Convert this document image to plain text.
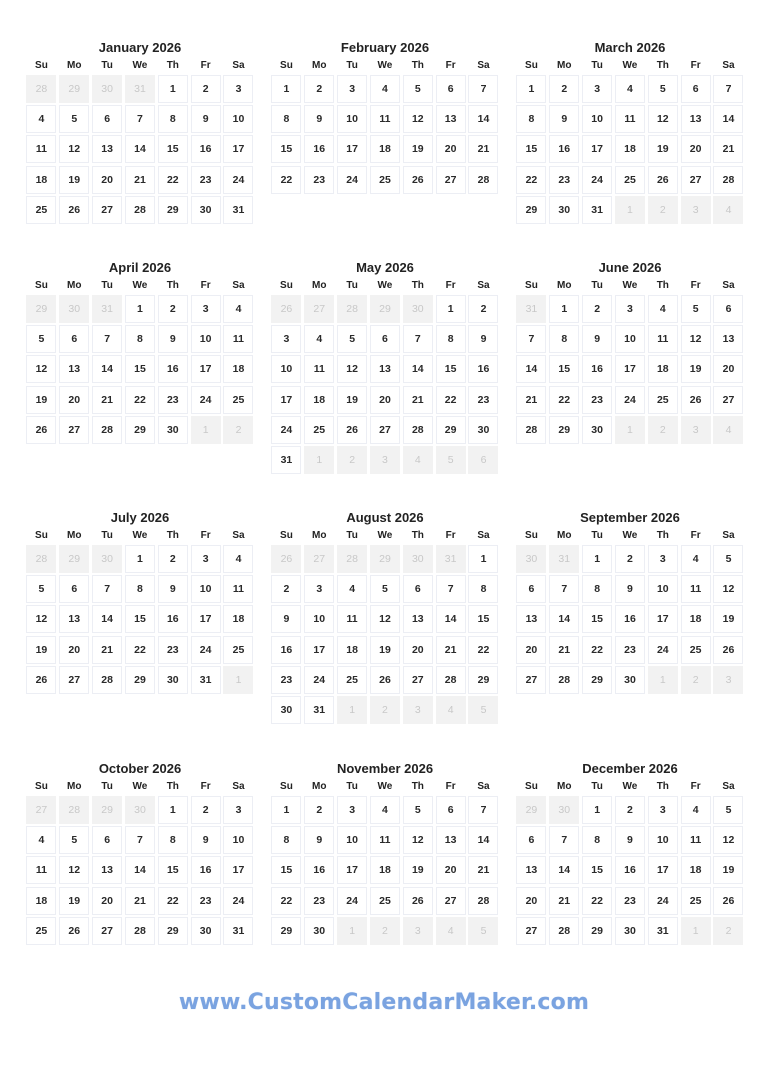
January 2026
Su	Mo	Tu	We	Th	Fr	Sa
28	29	30	31	1	2	3
4	5	6	7	8	9	10
11	12	13	14	15	16	17
18	19	20	21	22	23	24
25	26	27	28	29	30	31
February 2026
Su	Mo	Tu	We	Th	Fr	Sa
1	2	3	4	5	6	7
8	9	10	11	12	13	14
15	16	17	18	19	20	21
22	23	24	25	26	27	28
March 2026
Su	Mo	Tu	We	Th	Fr	Sa
1	2	3	4	5	6	7
8	9	10	11	12	13	14
15	16	17	18	19	20	21
22	23	24	25	26	27	28
29	30	31	1	2	3	4
April 2026
Su	Mo	Tu	We	Th	Fr	Sa
29	30	31	1	2	3	4
5	6	7	8	9	10	11
12	13	14	15	16	17	18
19	20	21	22	23	24	25
26	27	28	29	30	1	2
May 2026
Su	Mo	Tu	We	Th	Fr	Sa
26	27	28	29	30	1	2
3	4	5	6	7	8	9
10	11	12	13	14	15	16
17	18	19	20	21	22	23
24	25	26	27	28	29	30
31	1	2	3	4	5	6
June 2026
Su	Mo	Tu	We	Th	Fr	Sa
31	1	2	3	4	5	6
7	8	9	10	11	12	13
14	15	16	17	18	19	20
21	22	23	24	25	26	27
28	29	30	1	2	3	4
July 2026
Su	Mo	Tu	We	Th	Fr	Sa
28	29	30	1	2	3	4
5	6	7	8	9	10	11
12	13	14	15	16	17	18
19	20	21	22	23	24	25
26	27	28	29	30	31	1
August 2026
Su	Mo	Tu	We	Th	Fr	Sa
26	27	28	29	30	31	1
2	3	4	5	6	7	8
9	10	11	12	13	14	15
16	17	18	19	20	21	22
23	24	25	26	27	28	29
30	31	1	2	3	4	5
September 2026
Su	Mo	Tu	We	Th	Fr	Sa
30	31	1	2	3	4	5
6	7	8	9	10	11	12
13	14	15	16	17	18	19
20	21	22	23	24	25	26
27	28	29	30	1	2	3
October 2026
Su	Mo	Tu	We	Th	Fr	Sa
27	28	29	30	1	2	3
4	5	6	7	8	9	10
11	12	13	14	15	16	17
18	19	20	21	22	23	24
25	26	27	28	29	30	31
November 2026
Su	Mo	Tu	We	Th	Fr	Sa
1	2	3	4	5	6	7
8	9	10	11	12	13	14
15	16	17	18	19	20	21
22	23	24	25	26	27	28
29	30	1	2	3	4	5
December 2026
Su	Mo	Tu	We	Th	Fr	Sa
29	30	1	2	3	4	5
6	7	8	9	10	11	12
13	14	15	16	17	18	19
20	21	22	23	24	25	26
27	28	29	30	31	1	2
www.CustomCalendarMaker.com
